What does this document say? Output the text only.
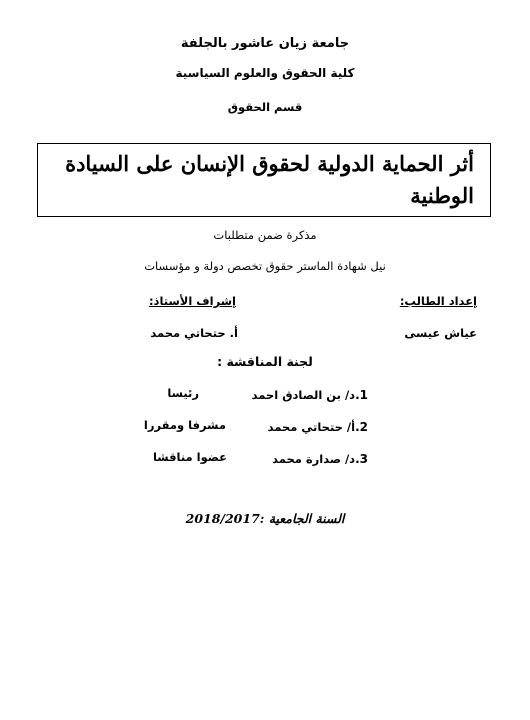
جامعة زيان عاشور بالجلفة
كلية الحقوق والعلوم السياسية
قسم الحقوق
أثر الحماية الدولية لحقوق الإنسان على السيادة الوطنية
مذكرة ضمن متطلبات
نيل شهادة الماستر حقوق تخصص دولة و مؤسسات
إعداد الطالب:
عياش عيسى
إشراف الأستاذ:
أ. حتحاتي محمد
لجنة المناقشة :
1.د/ بن الصادق احمد
رئيسا
2.أ/ حتحاتي محمد
مشرفا ومقررا
3.د/ صدارة محمد
عضوا مناقشا
السنة الجامعية :2018/2017
